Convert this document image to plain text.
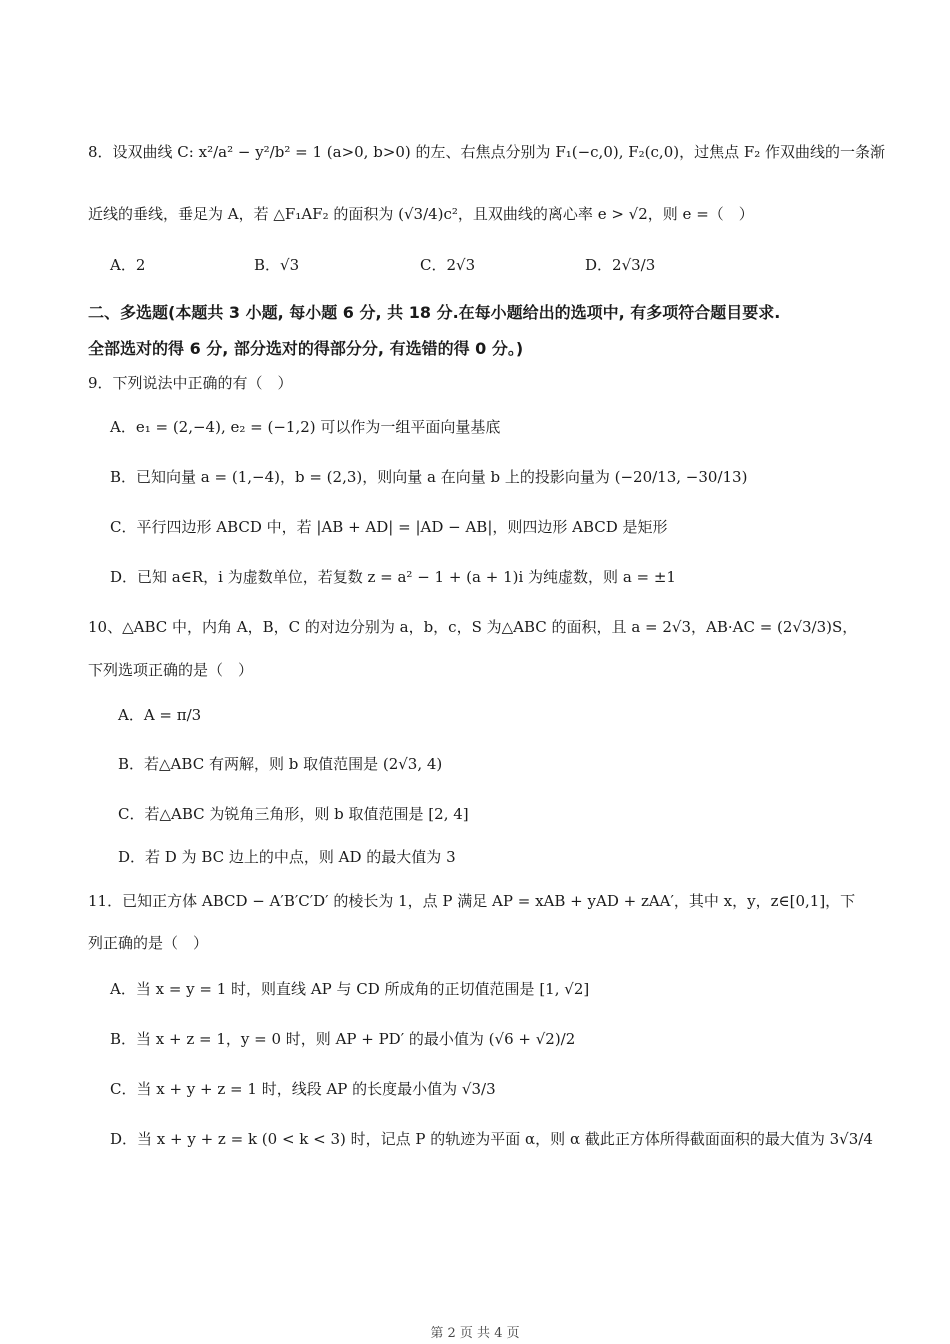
8．设双曲线 C: x²/a² − y²/b² = 1 (a>0, b>0) 的左、右焦点分别为 F₁(−c,0), F₂(c,0)，过焦点 F₂ 作双曲线的一条渐
近线的垂线，垂足为 A，若 △F₁AF₂ 的面积为 (√3/4)c²，且双曲线的离心率 e > √2，则 e =（　）
A．2	B．√3	C．2√3	D．2√3/3
二、多选题(本题共 3 小题, 每小题 6 分, 共 18 分.在每小题给出的选项中, 有多项符合题目要求.
全部选对的得 6 分, 部分选对的得部分分, 有选错的得 0 分。)
9．下列说法中正确的有（　）
A．e₁ = (2,−4), e₂ = (−1,2) 可以作为一组平面向量基底
B．已知向量 a = (1,−4)，b = (2,3)，则向量 a 在向量 b 上的投影向量为 (−20/13, −30/13)
C．平行四边形 ABCD 中，若 |AB + AD| = |AD − AB|，则四边形 ABCD 是矩形
D．已知 a∈R，i 为虚数单位，若复数 z = a² − 1 + (a + 1)i 为纯虚数，则 a = ±1
10、△ABC 中，内角 A，B，C 的对边分别为 a，b，c，S 为△ABC 的面积，且 a = 2√3，AB·AC = (2√3/3)S，
下列选项正确的是（　）
A．A = π/3
B．若△ABC 有两解，则 b 取值范围是 (2√3, 4)
C．若△ABC 为锐角三角形，则 b 取值范围是 [2, 4]
D．若 D 为 BC 边上的中点，则 AD 的最大值为 3
11．已知正方体 ABCD − A′B′C′D′ 的棱长为 1，点 P 满足 AP = xAB + yAD + zAA′，其中 x，y，z∈[0,1]，下
列正确的是（　）
A．当 x = y = 1 时，则直线 AP 与 CD 所成角的正切值范围是 [1, √2]
B．当 x + z = 1，y = 0 时，则 AP + PD′ 的最小值为 (√6 + √2)/2
C．当 x + y + z = 1 时，线段 AP 的长度最小值为 √3/3
D．当 x + y + z = k (0 < k < 3) 时，记点 P 的轨迹为平面 α，则 α 截此正方体所得截面面积的最大值为 3√3/4
第 2 页 共 4 页
